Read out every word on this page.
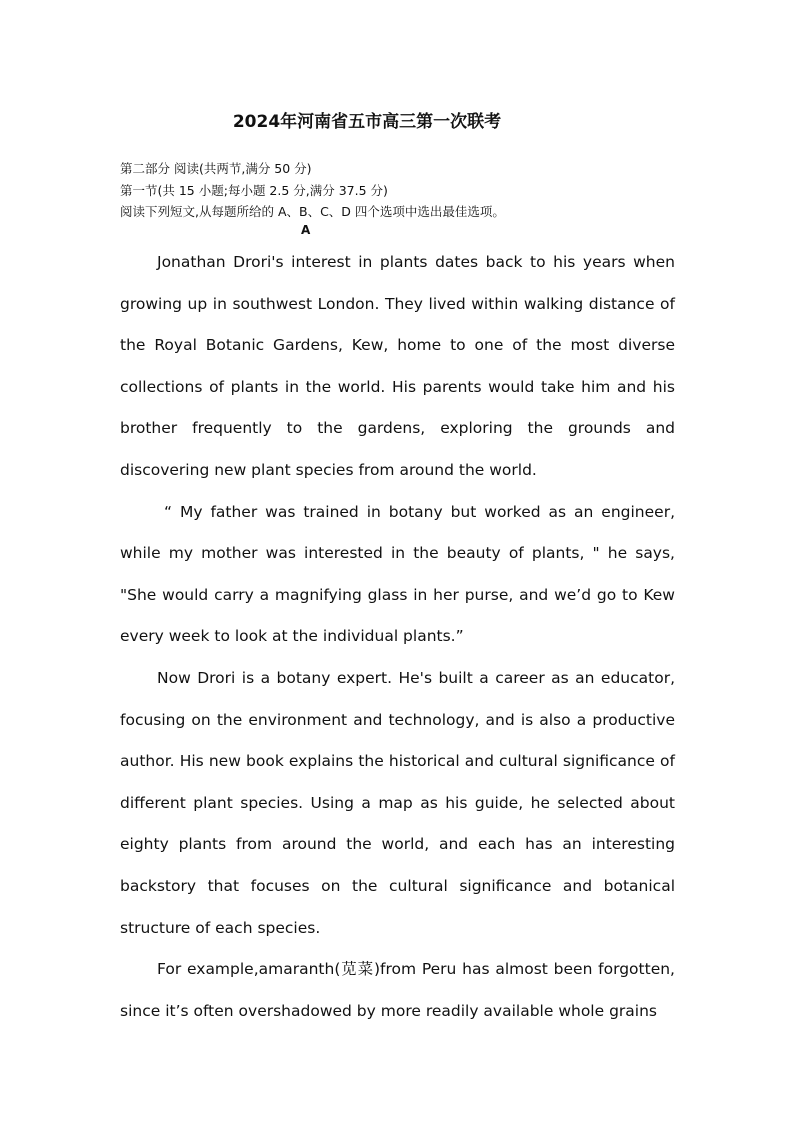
2024年河南省五市高三第一次联考
第二部分 阅读(共两节,满分 50 分)
第一节(共 15 小题;每小题 2.5 分,满分 37.5 分)
阅读下列短文,从每题所给的 A、B、C、D 四个选项中选出最佳选项。
A

Jonathan Drori's interest in plants dates back to his years when growing up in southwest London. They lived within walking distance of the Royal Botanic Gardens, Kew, home to one of the most diverse collections of plants in the world. His parents would take him and his brother frequently to the gardens, exploring the grounds and discovering new plant species from around the world.

“ My father was trained in botany but worked as an engineer, while my mother was interested in the beauty of plants, " he says, "She would carry a magnifying glass in her purse, and we’d go to Kew every week to look at the individual plants.”

Now Drori is a botany expert. He's built a career as an educator, focusing on the environment and technology, and is also a productive author. His new book explains the historical and cultural significance of different plant species. Using a map as his guide, he selected about eighty plants from around the world, and each has an interesting backstory that focuses on the cultural significance and botanical structure of each species.

For example,amaranth(苋菜)from Peru has almost been forgotten, since it’s often overshadowed by more readily available whole grains
